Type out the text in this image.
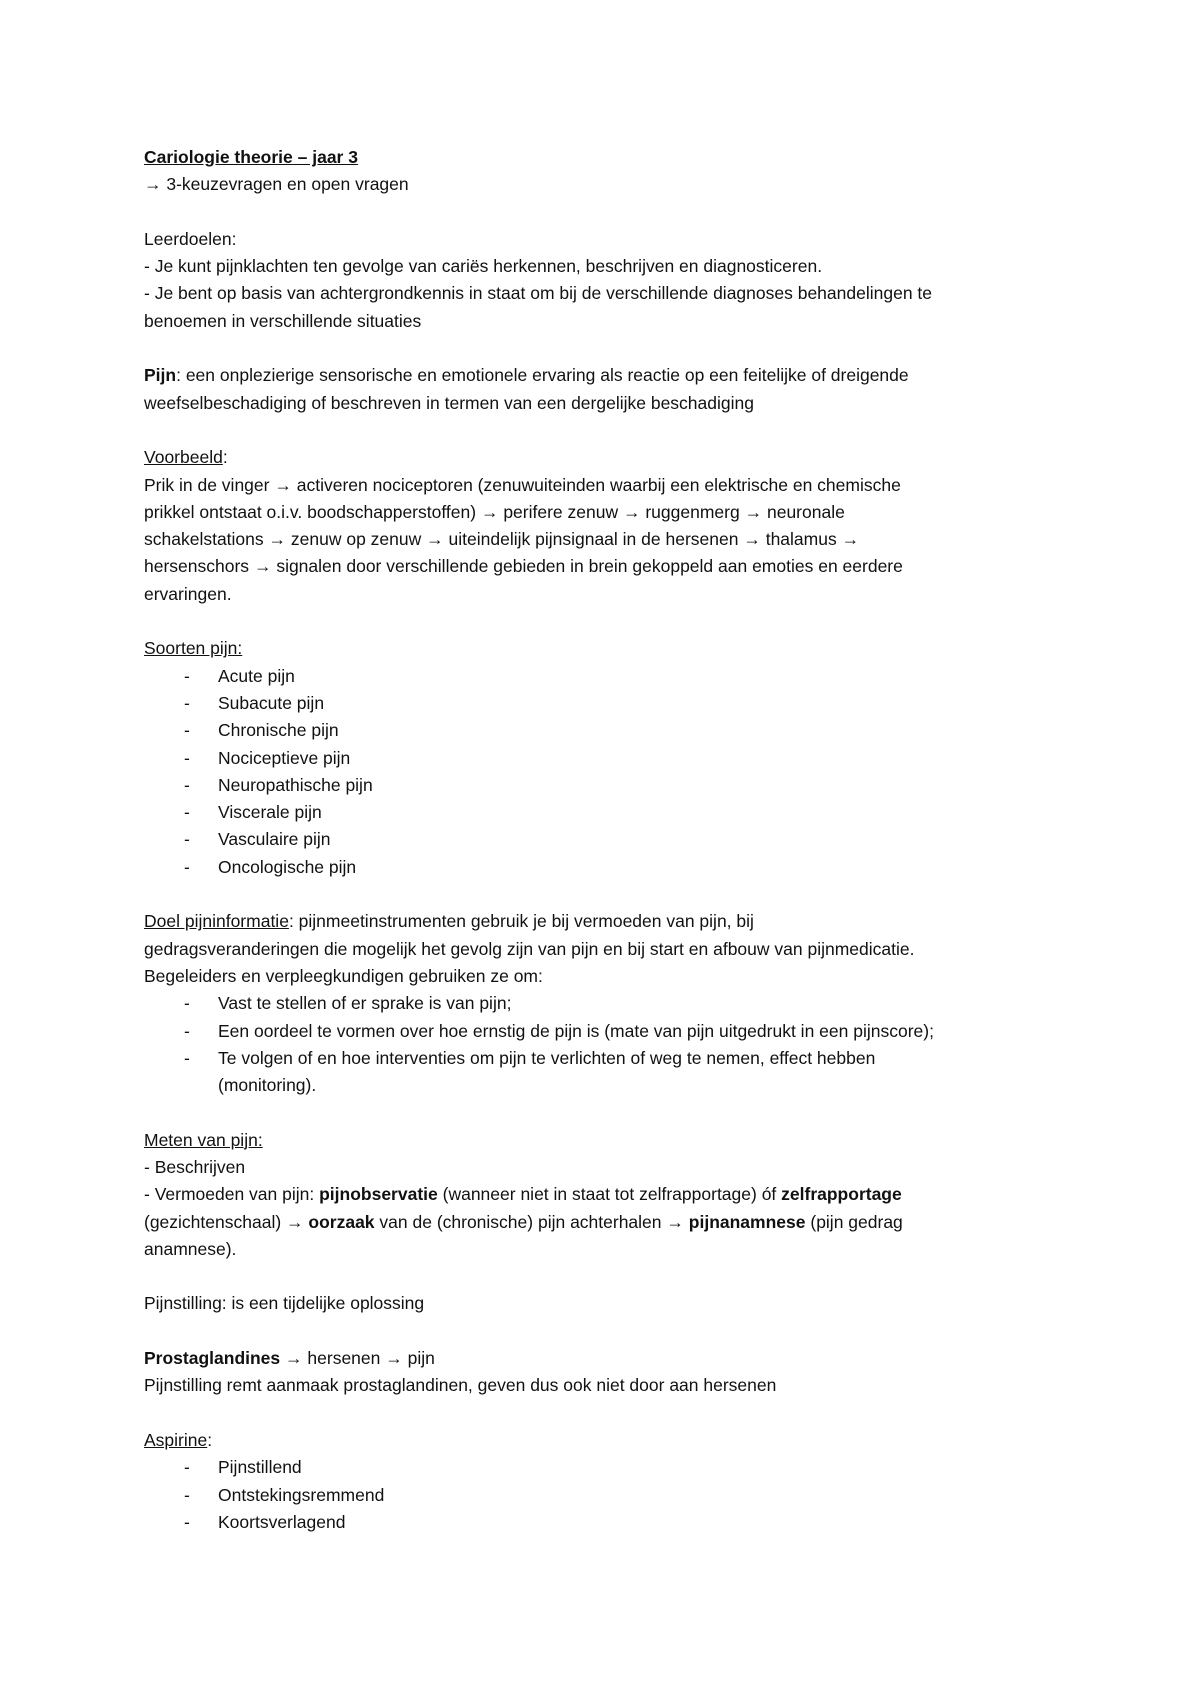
Cariologie theorie – jaar 3
→ 3-keuzevragen en open vragen
Leerdoelen:
- Je kunt pijnklachten ten gevolge van cariës herkennen, beschrijven en diagnosticeren.
- Je bent op basis van achtergrondkennis in staat om bij de verschillende diagnoses behandelingen te
benoemen in verschillende situaties
Pijn: een onplezierige sensorische en emotionele ervaring als reactie op een feitelijke of dreigende
weefselbeschadiging of beschreven in termen van een dergelijke beschadiging
Voorbeeld:
Prik in de vinger → activeren nociceptoren (zenuwuiteinden waarbij een elektrische en chemische
prikkel ontstaat o.i.v. boodschapperstoffen) → perifere zenuw → ruggenmerg → neuronale
schakelstations → zenuw op zenuw → uiteindelijk pijnsignaal in de hersenen → thalamus →
hersenschors → signalen door verschillende gebieden in brein gekoppeld aan emoties en eerdere
ervaringen.
Soorten pijn:
- Acute pijn
- Subacute pijn
- Chronische pijn
- Nociceptieve pijn
- Neuropathische pijn
- Viscerale pijn
- Vasculaire pijn
- Oncologische pijn
Doel pijninformatie: pijnmeetinstrumenten gebruik je bij vermoeden van pijn, bij
gedragsveranderingen die mogelijk het gevolg zijn van pijn en bij start en afbouw van pijnmedicatie.
Begeleiders en verpleegkundigen gebruiken ze om:
- Vast te stellen of er sprake is van pijn;
- Een oordeel te vormen over hoe ernstig de pijn is (mate van pijn uitgedrukt in een pijnscore);
- Te volgen of en hoe interventies om pijn te verlichten of weg te nemen, effect hebben
(monitoring).
Meten van pijn:
- Beschrijven
- Vermoeden van pijn: pijnobservatie (wanneer niet in staat tot zelfrapportage) óf zelfrapportage
(gezichtenschaal) → oorzaak van de (chronische) pijn achterhalen → pijnanamnese (pijn gedrag
anamnese).
Pijnstilling: is een tijdelijke oplossing
Prostaglandines → hersenen → pijn
Pijnstilling remt aanmaak prostaglandinen, geven dus ook niet door aan hersenen
Aspirine:
- Pijnstillend
- Ontstekingsremmend
- Koortsverlagend
